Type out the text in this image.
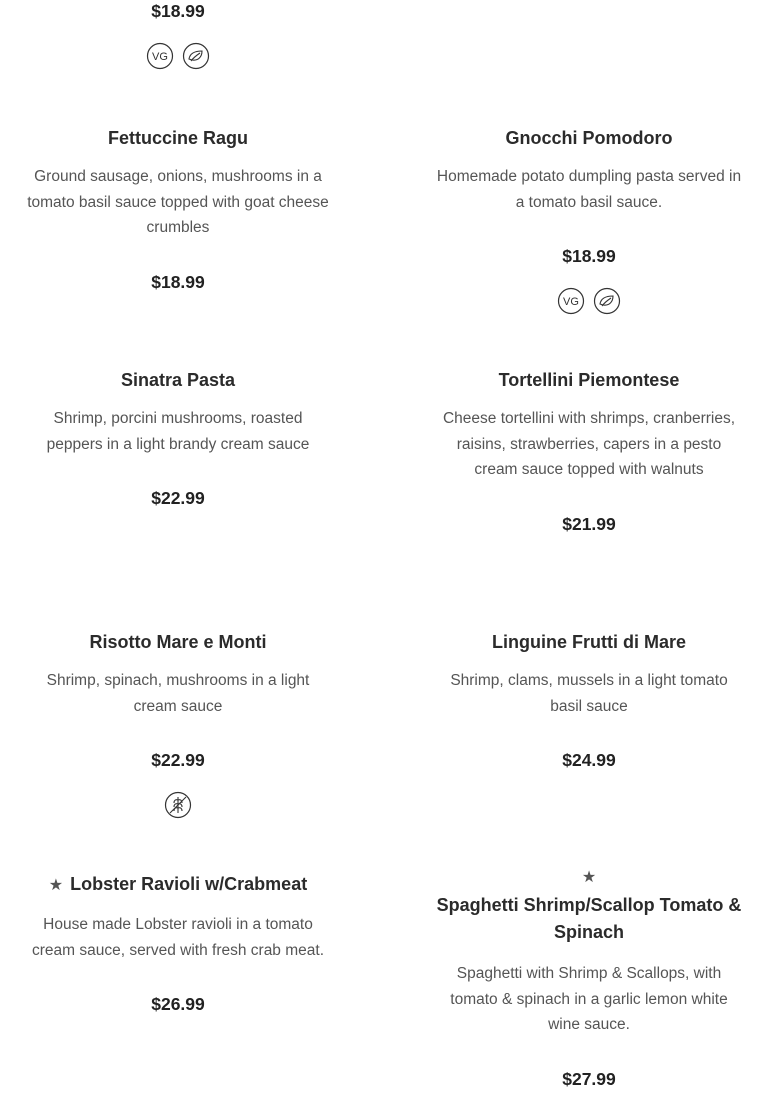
$18.99

VG
Fettuccine Ragu

Ground sausage, onions, mushrooms in a tomato basil sauce topped with goat cheese crumbles

$18.99

Gnocchi Pomodoro

Homemade potato dumpling pasta served in a tomato basil sauce.

$18.99

VG
Sinatra Pasta

Shrimp, porcini mushrooms, roasted peppers in a light brandy cream sauce

$22.99

Tortellini Piemontese

Cheese tortellini with shrimps, cranberries, raisins, strawberries, capers in a pesto cream sauce topped with walnuts

$21.99

Risotto Mare e Monti

Shrimp, spinach, mushrooms in a light cream sauce

$22.99

Linguine Frutti di Mare

Shrimp, clams, mussels in a light tomato basil sauce

$24.99

★ Lobster Ravioli w/Crabmeat

House made Lobster ravioli in a tomato cream sauce, served with fresh crab meat.

$26.99

★
Spaghetti Shrimp/Scallop Tomato & Spinach

Spaghetti with Shrimp & Scallops, with tomato & spinach in a garlic lemon white wine sauce.

$27.99
